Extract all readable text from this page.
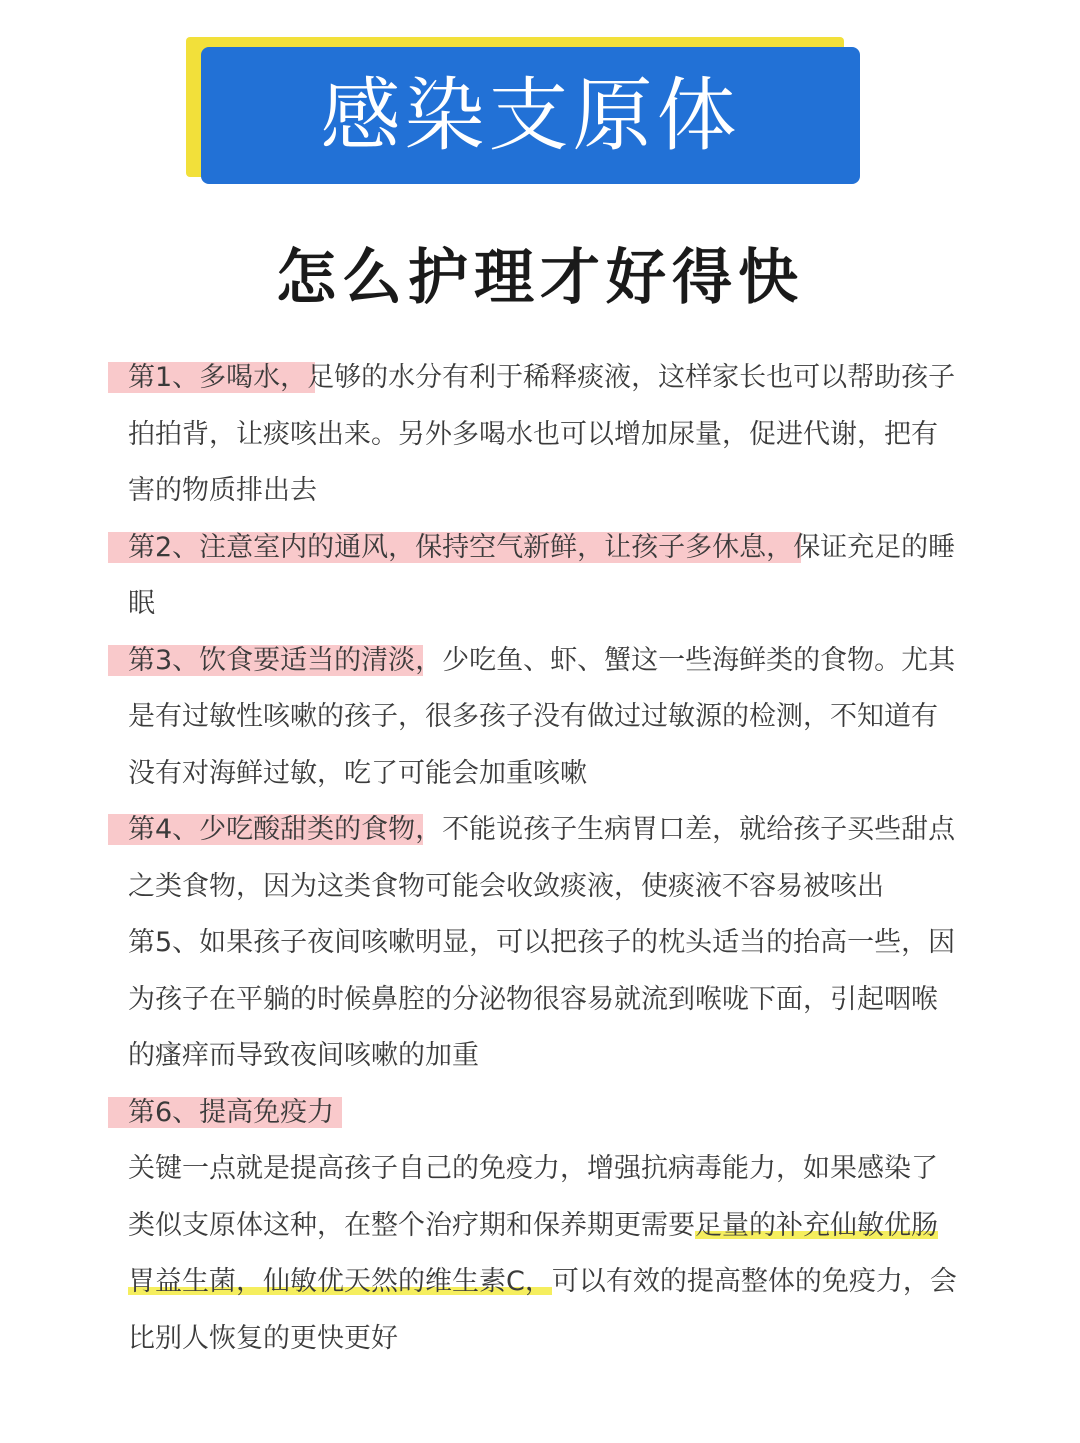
感染支原体
怎么护理才好得快

第1、多喝水，足够的水分有利于稀释痰液，这样家长也可以帮助孩子拍拍背，让痰咳出来。另外多喝水也可以增加尿量，促进代谢，把有害的物质排出去

第2、注意室内的通风，保持空气新鲜，让孩子多休息，保证充足的睡眠

第3、饮食要适当的清淡，少吃鱼、虾、蟹这一些海鲜类的食物。尤其是有过敏性咳嗽的孩子，很多孩子没有做过过敏源的检测，不知道有没有对海鲜过敏，吃了可能会加重咳嗽

第4、少吃酸甜类的食物，不能说孩子生病胃口差，就给孩子买些甜点之类食物，因为这类食物可能会收敛痰液，使痰液不容易被咳出

第5、如果孩子夜间咳嗽明显，可以把孩子的枕头适当的抬高一些，因为孩子在平躺的时候鼻腔的分泌物很容易就流到喉咙下面，引起咽喉的瘙痒而导致夜间咳嗽的加重

第6、提高免疫力

关键一点就是提高孩子自己的免疫力，增强抗病毒能力，如果感染了类似支原体这种，在整个治疗期和保养期更需要足量的补充仙敏优肠胃益生菌，仙敏优天然的维生素C，可以有效的提高整体的免疫力，会比别人恢复的更快更好
